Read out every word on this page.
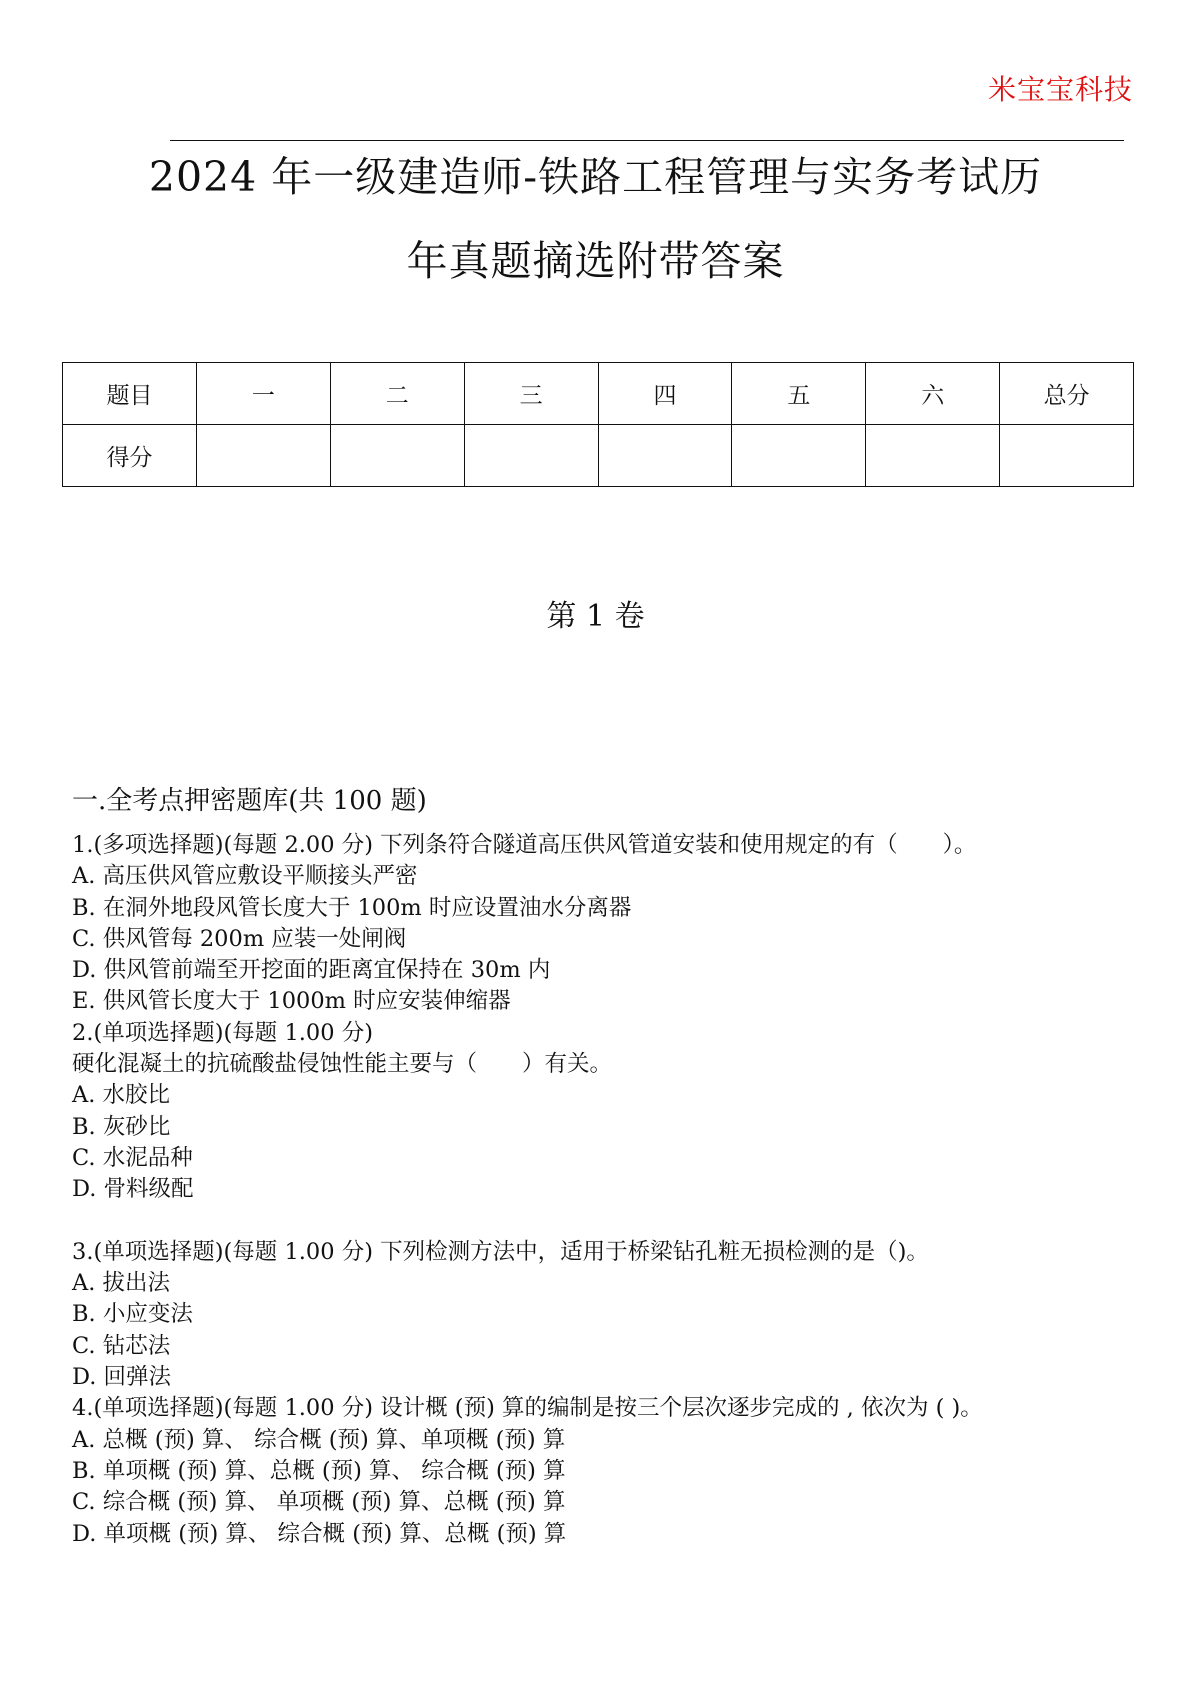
米宝宝科技
2024 年一级建造师-铁路工程管理与实务考试历
年真题摘选附带答案
题目	一	二	三	四	五	六	总分
得分							
第 1 卷
一.全考点押密题库(共 100 题)
1.(多项选择题)(每题 2.00 分) 下列条符合隧道高压供风管道安装和使用规定的有（　　）。
A. 高压供风管应敷设平顺接头严密
B. 在洞外地段风管长度大于 100m 时应设置油水分离器
C. 供风管每 200m 应装一处闸阀
D. 供风管前端至开挖面的距离宜保持在 30m 内
E. 供风管长度大于 1000m 时应安装伸缩器
2.(单项选择题)(每题 1.00 分)
硬化混凝土的抗硫酸盐侵蚀性能主要与（　　）有关。
A. 水胶比
B. 灰砂比
C. 水泥品种
D. 骨料级配
3.(单项选择题)(每题 1.00 分) 下列检测方法中，适用于桥梁钻孔粧无损检测的是（)。
A. 拔出法
B. 小应变法
C. 钻芯法
D. 回弹法
4.(单项选择题)(每题 1.00 分) 设计概 (预) 算的编制是按三个层次逐步完成的 , 依次为 ( )。
A. 总概 (预) 算、 综合概 (预) 算、单项概 (预) 算
B. 单项概 (预) 算、总概 (预) 算、 综合概 (预) 算
C. 综合概 (预) 算、 单项概 (预) 算、总概 (预) 算
D. 单项概 (预) 算、 综合概 (预) 算、总概 (预) 算
